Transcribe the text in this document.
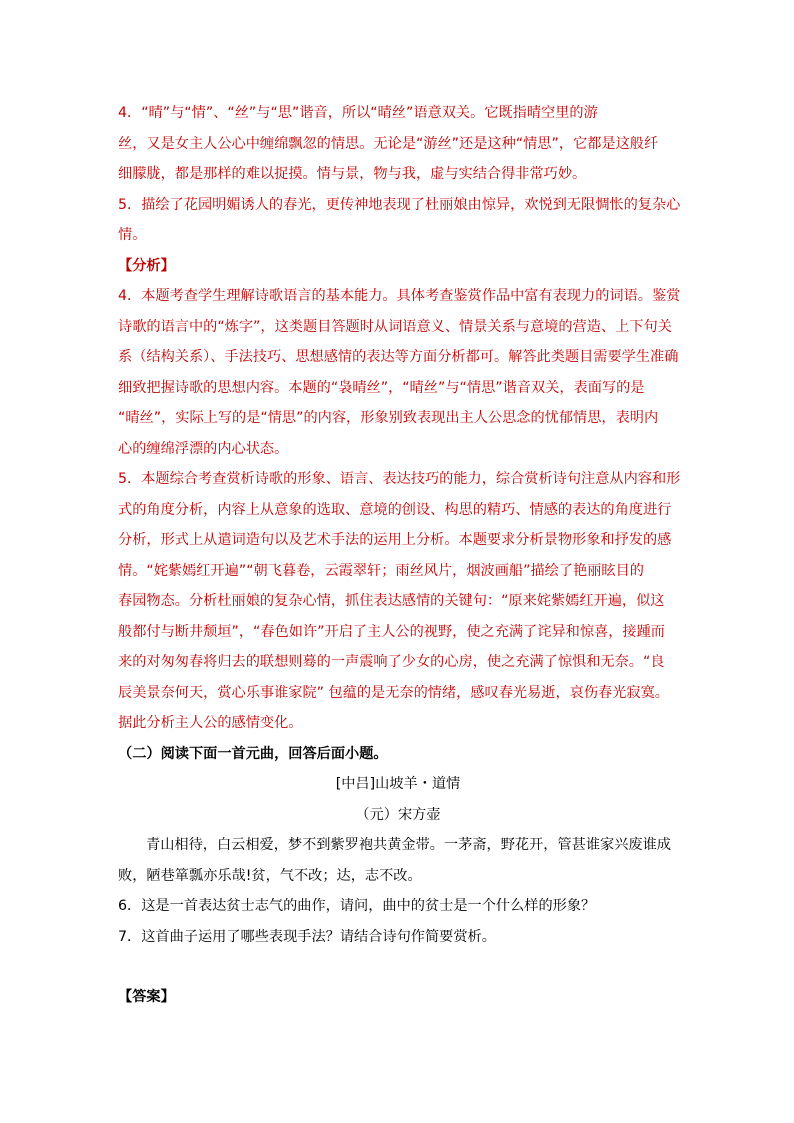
4．“晴”与“情”、“丝”与“思”谐音，所以“晴丝”语意双关。它既指晴空里的游
丝，又是女主人公心中缠绵飘忽的情思。无论是“游丝”还是这种“情思”，它都是这般纤
细朦胧，都是那样的难以捉摸。情与景，物与我，虚与实结合得非常巧妙。
5．描绘了花园明媚诱人的春光，更传神地表现了杜丽娘由惊异，欢悦到无限惆怅的复杂心
情。
【分析】
4．本题考查学生理解诗歌语言的基本能力。具体考查鉴赏作品中富有表现力的词语。鉴赏
诗歌的语言中的“炼字”，这类题目答题时从词语意义、情景关系与意境的营造、上下句关
系（结构关系）、手法技巧、思想感情的表达等方面分析都可。解答此类题目需要学生准确
细致把握诗歌的思想内容。本题的“袅晴丝”，“晴丝”与“情思”谐音双关，表面写的是
“晴丝”，实际上写的是“情思”的内容，形象别致表现出主人公思念的忧郁情思，表明内
心的缠绵浮漂的内心状态。
5．本题综合考查赏析诗歌的形象、语言、表达技巧的能力，综合赏析诗句注意从内容和形
式的角度分析，内容上从意象的选取、意境的创设、构思的精巧、情感的表达的角度进行
分析，形式上从遣词造句以及艺术手法的运用上分析。本题要求分析景物形象和抒发的感
情。“姹紫嫣红开遍”“朝飞暮卷，云霞翠轩；雨丝风片，烟波画船”描绘了艳丽眩目的
春园物态。分析杜丽娘的复杂心情，抓住表达感情的关键句：“原来姹紫嫣红开遍，似这
般都付与断井颓垣”，“春色如许”开启了主人公的视野，使之充满了诧异和惊喜，接踵而
来的对匆匆春将归去的联想则蓦的一声震响了少女的心房，使之充满了惊惧和无奈。“良
辰美景奈何天，赏心乐事谁家院” 包蕴的是无奈的情绪，感叹春光易逝，哀伤春光寂寞。
据此分析主人公的感情变化。
（二）阅读下面一首元曲，回答后面小题。
[中吕]山坡羊・道情
（元）宋方壶
青山相待，白云相爱，梦不到紫罗袍共黄金带。一茅斋，野花开，管甚谁家兴废谁成
败，陋巷箪瓢亦乐哉!贫，气不改；达，志不改。
6．这是一首表达贫士志气的曲作，请问，曲中的贫士是一个什么样的形象？
7．这首曲子运用了哪些表现手法？请结合诗句作简要赏析。
【答案】
